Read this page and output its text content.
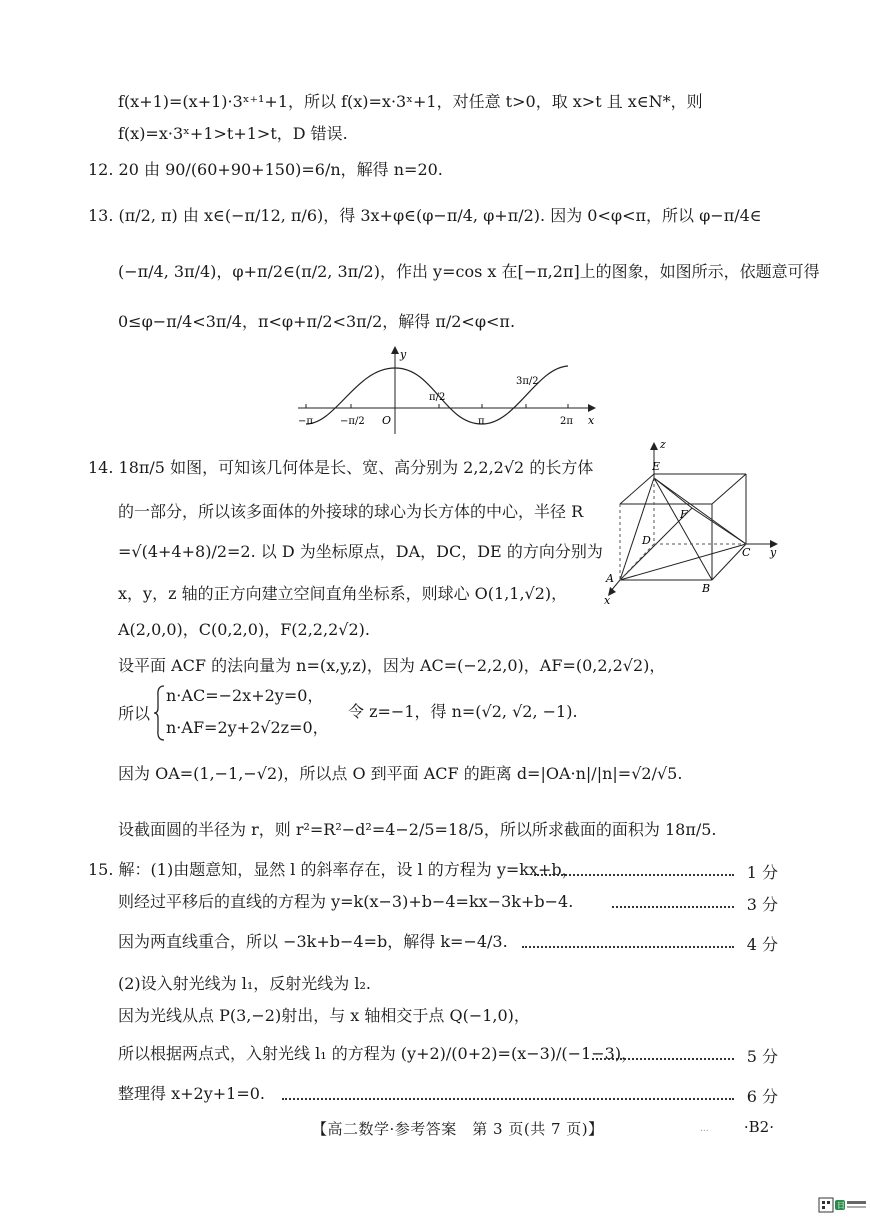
f(x+1)=(x+1)·3ˣ⁺¹+1，所以 f(x)=x·3ˣ+1，对任意 t>0，取 x>t 且 x∈N*，则
f(x)=x·3ˣ+1>t+1>t，D 错误.
12. 20 由 90/(60+90+150)=6/n，解得 n=20.
13. (π/2, π) 由 x∈(−π/12, π/6)，得 3x+φ∈(φ−π/4, φ+π/2). 因为 0<φ<π，所以 φ−π/4∈
(−π/4, 3π/4)，φ+π/2∈(π/2, 3π/2)，作出 y=cos x 在[−π,2π]上的图象，如图所示，依题意可得
0≤φ−π/4<3π/4，π<φ+π/2<3π/2，解得 π/2<φ<π.
y
x
−π	−π/2 O
π/2
π
3π/2
2π
14. 18π/5 如图，可知该几何体是长、宽、高分别为 2,2,2√2 的长方体
的一部分，所以该多面体的外接球的球心为长方体的中心，半径 R
=√(4+4+8)/2=2. 以 D 为坐标原点，DA，DC，DE 的方向分别为
x，y，z 轴的正方向建立空间直角坐标系，则球心 O(1,1,√2)，
A(2,0,0)，C(0,2,0)，F(2,2,2√2).
设平面 ACF 的法向量为 n=(x,y,z)，因为 AC=(−2,2,0)，AF=(0,2,2√2)，
所以
n·AC=−2x+2y=0，
n·AF=2y+2√2z=0，
令 z=−1，得 n=(√2, √2, −1).
因为 OA=(1,−1,−√2)，所以点 O 到平面 ACF 的距离 d=|OA·n|/|n|=√2/√5.
设截面圆的半径为 r，则 r²=R²−d²=4−2/5=18/5，所以所求截面的面积为 18π/5.
z
y
x
E
F
D
C
A
B
15. 解：(1)由题意知，显然 l 的斜率存在，设 l 的方程为 y=kx+b，	1 分
则经过平移后的直线的方程为 y=k(x−3)+b−4=kx−3k+b−4.	3 分
因为两直线重合，所以 −3k+b−4=b，解得 k=−4/3.	4 分
(2)设入射光线为 l₁，反射光线为 l₂.
因为光线从点 P(3,−2)射出，与 x 轴相交于点 Q(−1,0)，
所以根据两点式，入射光线 l₁ 的方程为 (y+2)/(0+2)=(x−3)/(−1−3)，	5 分
整理得 x+2y+1=0.	6 分
【高二数学·参考答案　第 3 页(共 7 页)】	... ·B2·
日
